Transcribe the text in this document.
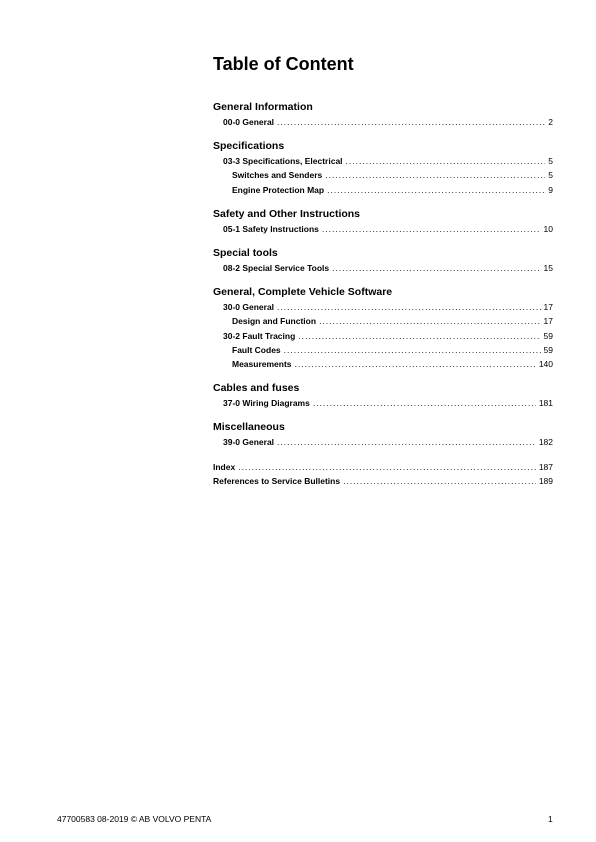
Table of Content
General Information
00-0 General .....	2
Specifications
03-3 Specifications, Electrical .....	5
Switches and Senders .....	5
Engine Protection Map .....	9
Safety and Other Instructions
05-1 Safety Instructions .....	10
Special tools
08-2 Special Service Tools .....	15
General, Complete Vehicle Software
30-0 General .....	17
Design and Function .....	17
30-2 Fault Tracing .....	59
Fault Codes .....	59
Measurements .....	140
Cables and fuses
37-0 Wiring Diagrams .....	181
Miscellaneous
39-0 General .....	182
Index .....	187
References to Service Bulletins .....	189
47700583 08-2019 © AB VOLVO PENTA	1
